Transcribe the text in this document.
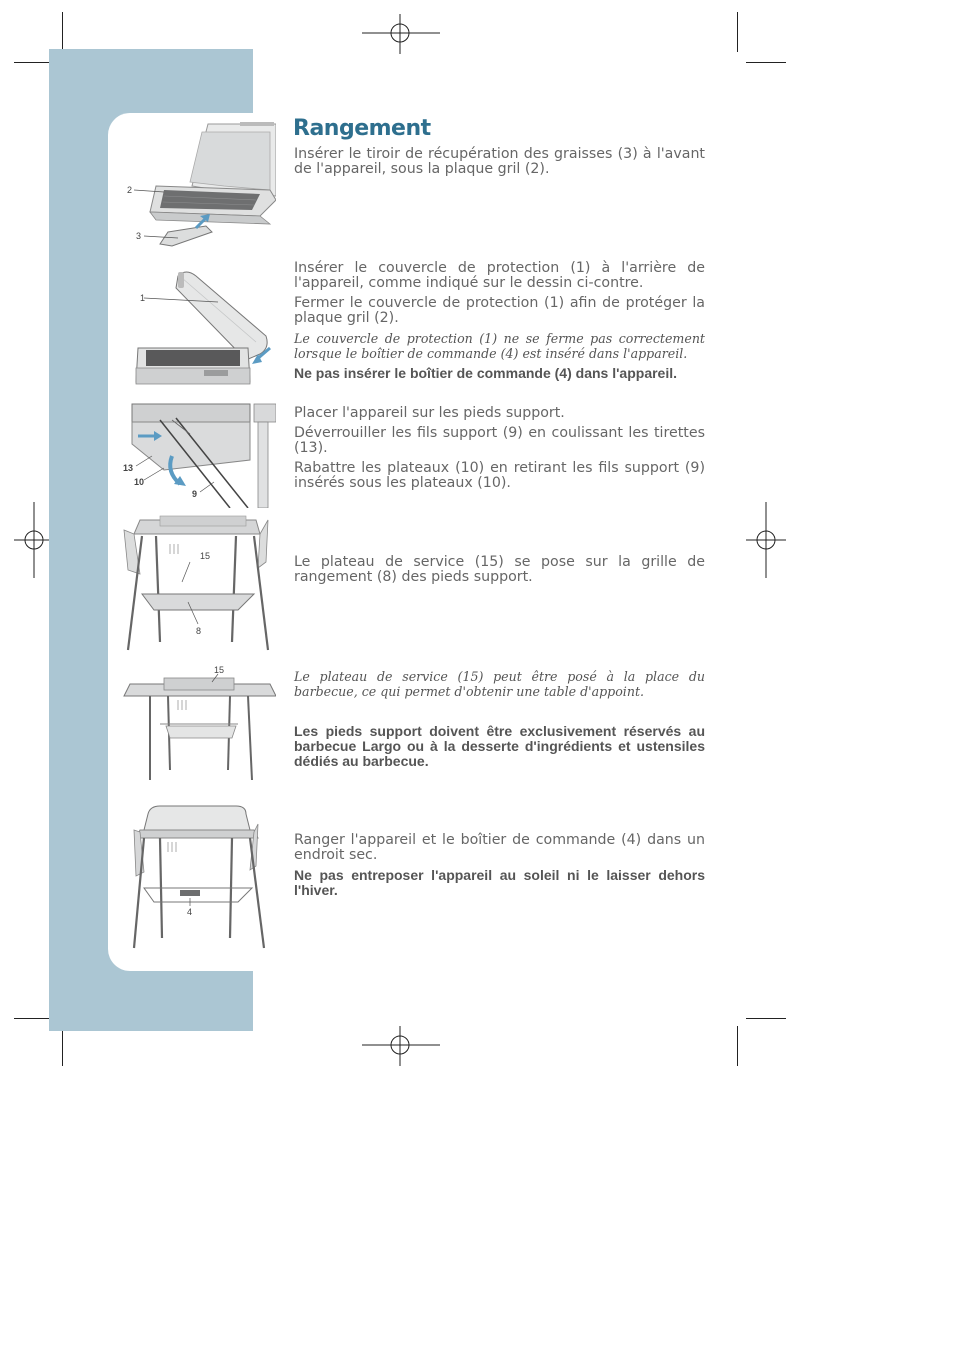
2
3
1
13
10
9
15
8
15
4
Rangement

Insérer le tiroir de récupération des graisses (3) à l'avant de l'appareil, sous la plaque gril (2).

Insérer le couvercle de protection (1) à l'arrière de l'appareil, comme indiqué sur le dessin ci-contre.

Fermer le couvercle de protection (1) afin de protéger la plaque gril (2).

Le couvercle de protection (1) ne se ferme pas correctement lorsque le boîtier de commande (4) est inséré dans l'appareil.

Ne pas insérer le boîtier de commande (4) dans l'appareil.

Placer l'appareil sur les pieds support.

Déverrouiller les fils support (9) en coulissant les tirettes (13).

Rabattre les plateaux (10) en retirant les fils support (9) insérés sous les plateaux (10).

Le plateau de service (15) se pose sur la grille de rangement (8) des pieds support.

Le plateau de service (15) peut être posé à la place du barbecue, ce qui permet d'obtenir une table d'appoint.

Les pieds support doivent être exclusivement réservés au barbecue Largo ou à la desserte d'ingrédients et ustensiles dédiés au barbecue.

Ranger l'appareil et le boîtier de commande (4) dans un endroit sec.

Ne pas entreposer l'appareil au soleil ni le laisser dehors l'hiver.
